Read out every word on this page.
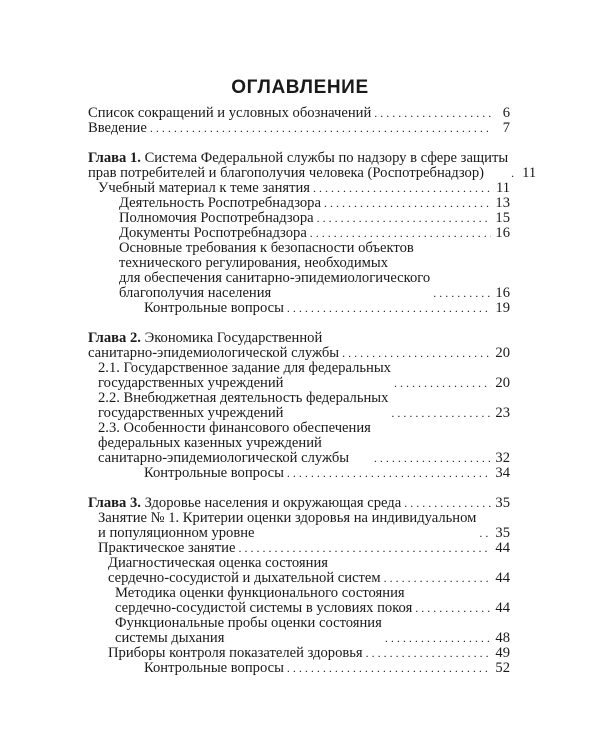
ОГЛАВЛЕНИЕ
Список сокращений и условных обозначений . . .	6
Введение . . .	7
Глава 1. Система Федеральной службы по надзору в сфере защиты
прав потребителей и благополучия человека (Роспотребнадзор) . . .	11
Учебный материал к теме занятия . . .	11
Деятельность Роспотребнадзора . . .	13
Полномочия Роспотребнадзора . . .	15
Документы Роспотребнадзора . . .	16
Основные требования к безопасности объектов
технического регулирования, необходимых
для обеспечения санитарно-эпидемиологического
благополучия населения . . .	16
Контрольные вопросы . . .	19
Глава 2. Экономика Государственной
санитарно-эпидемиологической службы . . .	20
2.1. Государственное задание для федеральных
государственных учреждений . . .	20
2.2. Внебюджетная деятельность федеральных
государственных учреждений . . .	23
2.3. Особенности финансового обеспечения
федеральных казенных учреждений
санитарно-эпидемиологической службы . . .	32
Контрольные вопросы . . .	34
Глава 3. Здоровье населения и окружающая среда . . .	35
Занятие № 1. Критерии оценки здоровья на индивидуальном
и популяционном уровне . . .	35
Практическое занятие . . .	44
Диагностическая оценка состояния
сердечно-сосудистой и дыхательной систем . . .	44
Методика оценки функционального состояния
сердечно-сосудистой системы в условиях покоя . . .	44
Функциональные пробы оценки состояния
системы дыхания . . .	48
Приборы контроля показателей здоровья . . .	49
Контрольные вопросы . . .	52
